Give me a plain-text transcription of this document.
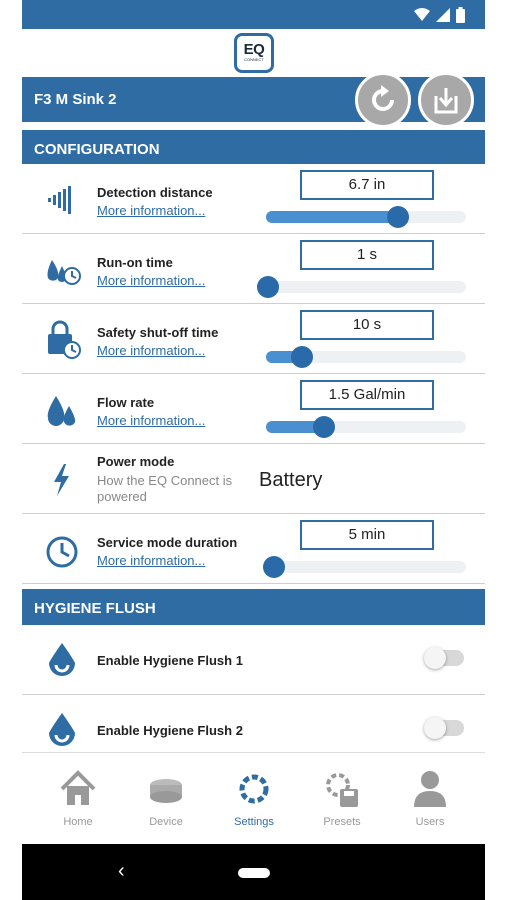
EQ
CONNECT
F3 M Sink 2
CONFIGURATION
Detection distance
More information...
6.7 in
Run-on time
More information...
1 s
Safety shut-off time
More information...
10 s
Flow rate
More information...
1.5 Gal/min
Power mode
How the EQ Connect is powered
Battery
Service mode duration
More information...
5 min
HYGIENE FLUSH
Enable Hygiene Flush 1
Enable Hygiene Flush 2
Home	Device	Settings	Presets	Users
‹
